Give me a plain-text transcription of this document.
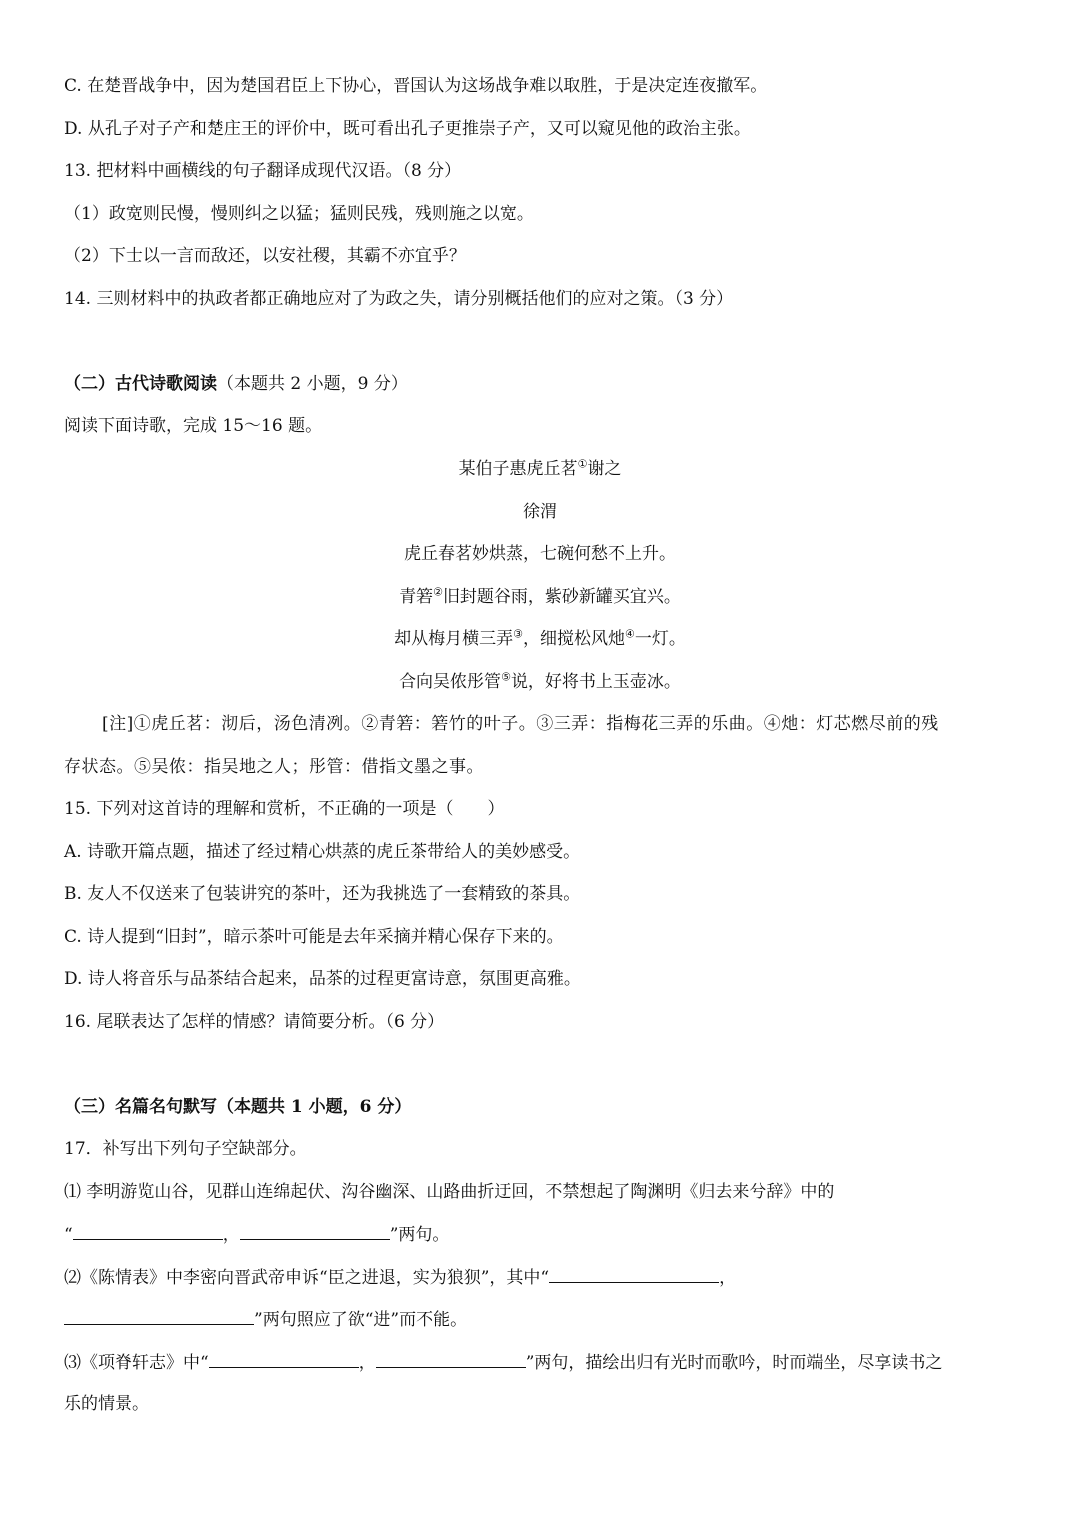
C. 在楚晋战争中，因为楚国君臣上下协心，晋国认为这场战争难以取胜，于是决定连夜撤军。
D. 从孔子对子产和楚庄王的评价中，既可看出孔子更推崇子产，又可以窥见他的政治主张。
13. 把材料中画横线的句子翻译成现代汉语。（8 分）
（1）政宽则民慢，慢则纠之以猛；猛则民残，残则施之以宽。
（2）下士以一言而敌还，以安社稷，其霸不亦宜乎？
14. 三则材料中的执政者都正确地应对了为政之失，请分别概括他们的应对之策。（3 分）
（二）古代诗歌阅读（本题共 2 小题，9 分）
阅读下面诗歌，完成 15～16 题。
某伯子惠虎丘茗①谢之
徐渭
虎丘春茗妙烘蒸，七碗何愁不上升。
青箬②旧封题谷雨，紫砂新罐买宜兴。
却从梅月横三弄③，细搅松风灺④一灯。
合向吴侬彤管⑤说，好将书上玉壶冰。
[注]①虎丘茗：沏后，汤色清冽。②青箬：箬竹的叶子。③三弄：指梅花三弄的乐曲。④灺：灯芯燃尽前的残
存状态。⑤吴侬：指吴地之人；彤管：借指文墨之事。
15. 下列对这首诗的理解和赏析，不正确的一项是（　　）
A. 诗歌开篇点题，描述了经过精心烘蒸的虎丘茶带给人的美妙感受。
B. 友人不仅送来了包装讲究的茶叶，还为我挑选了一套精致的茶具。
C. 诗人提到“旧封”，暗示茶叶可能是去年采摘并精心保存下来的。
D. 诗人将音乐与品茶结合起来，品茶的过程更富诗意，氛围更高雅。
16. 尾联表达了怎样的情感？请简要分析。（6 分）
（三）名篇名句默写（本题共 1 小题，6 分）
17．补写出下列句子空缺部分。
⑴ 李明游览山谷，见群山连绵起伏、沟谷幽深、山路曲折迂回，不禁想起了陶渊明《归去来兮辞》中的
“	，	”两句。
⑵《陈情表》中李密向晋武帝申诉“臣之进退，实为狼狈”，其中“	，
”两句照应了欲“进”而不能。
⑶《项脊轩志》中“	，	”两句，描绘出归有光时而歌吟，时而端坐，尽享读书之
乐的情景。
